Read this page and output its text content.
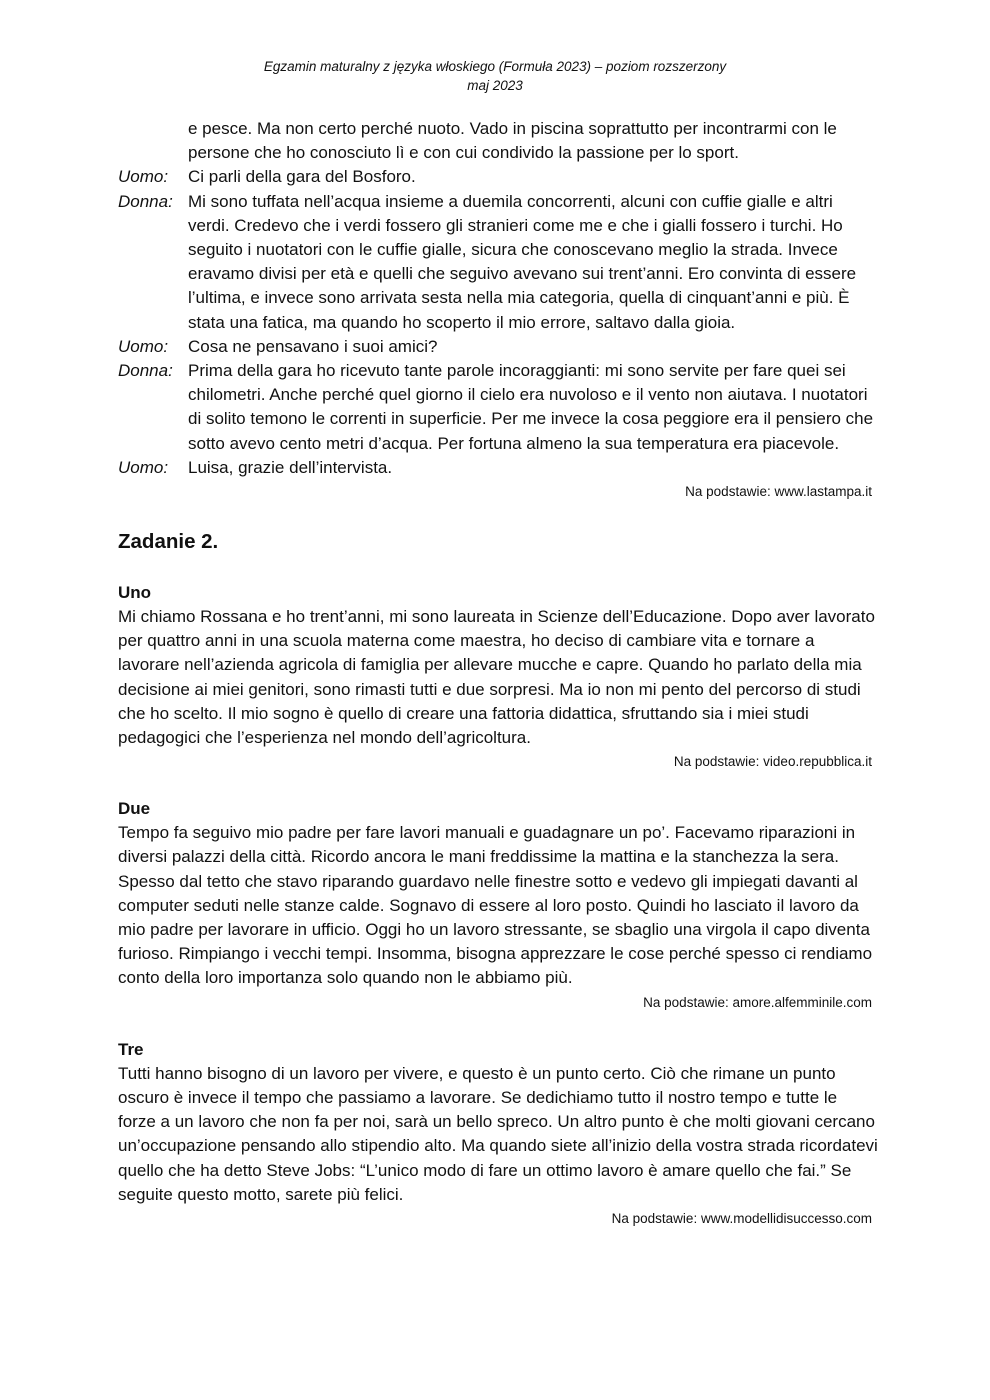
Egzamin maturalny z języka włoskiego (Formuła 2023) – poziom rozszerzony
maj 2023
e pesce. Ma non certo perché nuoto. Vado in piscina soprattutto per incontrarmi con le persone che ho conosciuto lì e con cui condivido la passione per lo sport.
Uomo:	Ci parli della gara del Bosforo.
Donna: Mi sono tuffata nell’acqua insieme a duemila concorrenti, alcuni con cuffie gialle e altri verdi. Credevo che i verdi fossero gli stranieri come me e che i gialli fossero i turchi. Ho seguito i nuotatori con le cuffie gialle, sicura che conoscevano meglio la strada. Invece eravamo divisi per età e quelli che seguivo avevano sui trent’anni. Ero convinta di essere l’ultima, e invece sono arrivata sesta nella mia categoria, quella di cinquant’anni e più. È stata una fatica, ma quando ho scoperto il mio errore, saltavo dalla gioia.
Uomo:	Cosa ne pensavano i suoi amici?
Donna: Prima della gara ho ricevuto tante parole incoraggianti: mi sono servite per fare quei sei chilometri. Anche perché quel giorno il cielo era nuvoloso e il vento non aiutava. I nuotatori di solito temono le correnti in superficie. Per me invece la cosa peggiore era il pensiero che sotto avevo cento metri d’acqua. Per fortuna almeno la sua temperatura era piacevole.
Uomo:	Luisa, grazie dell’intervista.
Na podstawie: www.lastampa.it
Zadanie 2.
Uno

Mi chiamo Rossana e ho trent’anni, mi sono laureata in Scienze dell’Educazione. Dopo aver lavorato per quattro anni in una scuola materna come maestra, ho deciso di cambiare vita e tornare a lavorare nell’azienda agricola di famiglia per allevare mucche e capre. Quando ho parlato della mia decisione ai miei genitori, sono rimasti tutti e due sorpresi. Ma io non mi pento del percorso di studi che ho scelto. Il mio sogno è quello di creare una fattoria didattica, sfruttando sia i miei studi pedagogici che l’esperienza nel mondo dell’agricoltura.

Na podstawie: video.repubblica.it
Due

Tempo fa seguivo mio padre per fare lavori manuali e guadagnare un po’. Facevamo riparazioni in diversi palazzi della città. Ricordo ancora le mani freddissime la mattina e la stanchezza la sera. Spesso dal tetto che stavo riparando guardavo nelle finestre sotto e vedevo gli impiegati davanti al computer seduti nelle stanze calde. Sognavo di essere al loro posto. Quindi ho lasciato il lavoro da mio padre per lavorare in ufficio. Oggi ho un lavoro stressante, se sbaglio una virgola il capo diventa furioso. Rimpiango i vecchi tempi. Insomma, bisogna apprezzare le cose perché spesso ci rendiamo conto della loro importanza solo quando non le abbiamo più.

Na podstawie: amore.alfemminile.com
Tre

Tutti hanno bisogno di un lavoro per vivere, e questo è un punto certo. Ciò che rimane un punto oscuro è invece il tempo che passiamo a lavorare. Se dedichiamo tutto il nostro tempo e tutte le forze a un lavoro che non fa per noi, sarà un bello spreco. Un altro punto è che molti giovani cercano un’occupazione pensando allo stipendio alto. Ma quando siete all’inizio della vostra strada ricordatevi quello che ha detto Steve Jobs: “L’unico modo di fare un ottimo lavoro è amare quello che fai.” Se seguite questo motto, sarete più felici.

Na podstawie: www.modellidisuccesso.com
